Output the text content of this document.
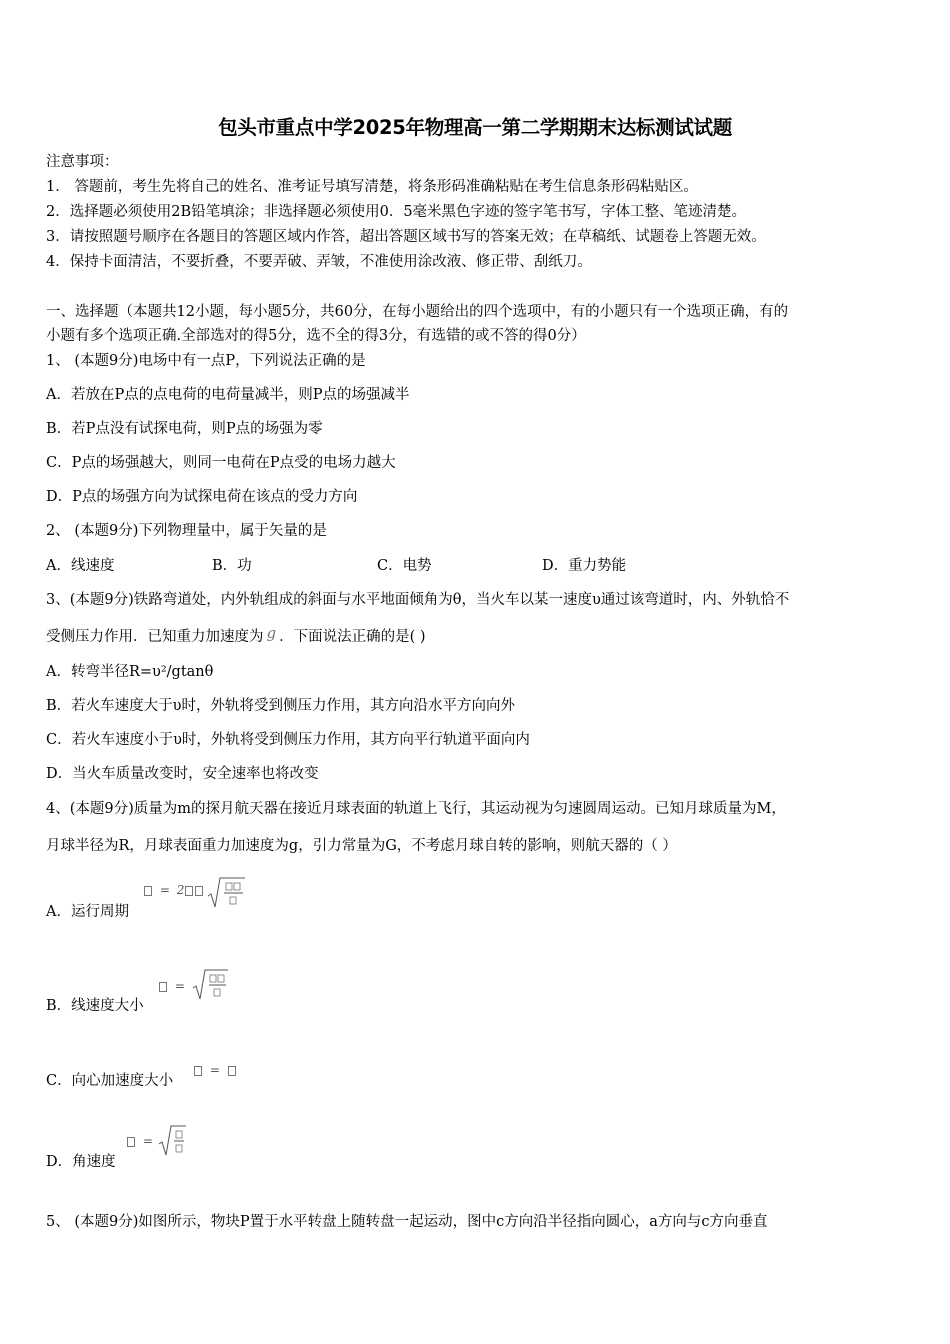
包头市重点中学2025年物理高一第二学期期末达标测试试题
注意事项：
1． 答题前，考生先将自己的姓名、准考证号填写清楚，将条形码准确粘贴在考生信息条形码粘贴区。
2．选择题必须使用2B铅笔填涂；非选择题必须使用0．5毫米黑色字迹的签字笔书写，字体工整、笔迹清楚。
3．请按照题号顺序在各题目的答题区域内作答，超出答题区域书写的答案无效；在草稿纸、试题卷上答题无效。
4．保持卡面清洁，不要折叠，不要弄破、弄皱，不准使用涂改液、修正带、刮纸刀。
一、选择题（本题共12小题，每小题5分，共60分，在每小题给出的四个选项中，有的小题只有一个选项正确，有的
小题有多个选项正确.全部选对的得5分，选不全的得3分，有选错的或不答的得0分）
1、 (本题9分)电场中有一点P，下列说法正确的是
A．若放在P点的点电荷的电荷量减半，则P点的场强减半
B．若P点没有试探电荷，则P点的场强为零
C．P点的场强越大，则同一电荷在P点受的电场力越大
D．P点的场强方向为试探电荷在该点的受力方向
2、 (本题9分)下列物理量中，属于矢量的是
A．线速度	B．功	C．电势	D．重力势能
3、(本题9分)铁路弯道处，内外轨组成的斜面与水平地面倾角为θ，当火车以某一速度υ通过该弯道时，内、外轨恰不
受侧压力作用．已知重力加速度为 g ．下面说法正确的是( )
A．转弯半径R=υ²/gtanθ
B．若火车速度大于υ时，外轨将受到侧压力作用，其方向沿水平方向向外
C．若火车速度小于υ时，外轨将受到侧压力作用，其方向平行轨道平面向内
D．当火车质量改变时，安全速率也将改变
4、(本题9分)质量为m的探月航天器在接近月球表面的轨道上飞行，其运动视为匀速圆周运动。已知月球质量为M，
月球半径为R，月球表面重力加速度为g，引力常量为G，不考虑月球自转的影响，则航天器的（ ）
A．运行周期
= 2
B．线速度大小
=
C．向心加速度大小
=
D．角速度
=
5、 (本题9分)如图所示，物块P置于水平转盘上随转盘一起运动，图中c方向沿半径指向圆心，a方向与c方向垂直
